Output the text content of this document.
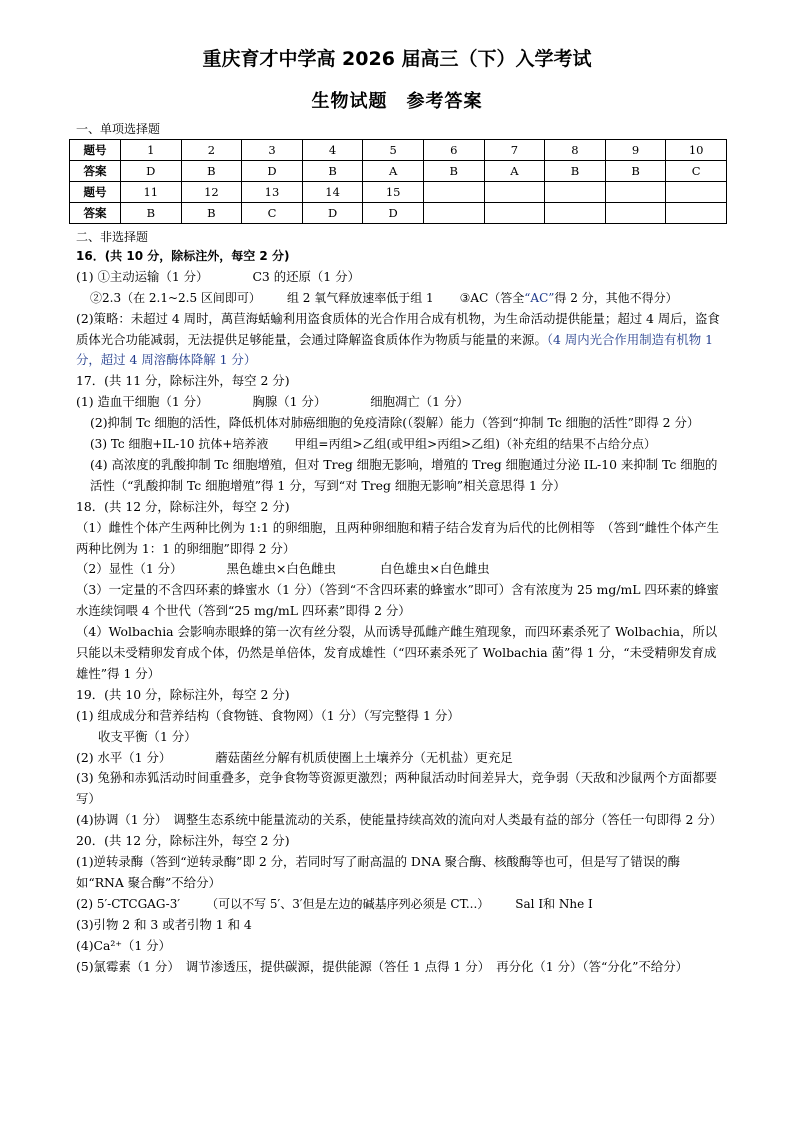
重庆育才中学高 2026 届高三（下）入学考试
生物试题　参考答案
一、单项选择题
题号	1	2	3	4	5	6	7	8	9	10
答案	D	B	D	B	A	B	A	B	B	C
题号	11	12	13	14	15					
答案	B	B	C	D	D					
二、非选择题
16．(共 10 分，除标注外，每空 2 分)
(1) ①主动运输（1 分）	C3 的还原（1 分）
②2.3（在 2.1~2.5 区间即可） 组 2 氧气释放速率低于组 1 ③AC（答全“AC”得 2 分，其他不得分）
(2)策略：未超过 4 周时，萬苣海蛞蝓利用盗食质体的光合作用合成有机物，为生命活动提供能量；超过 4 周后，盗食质体光合功能减弱，无法提供足够能量，会通过降解盗食质体作为物质与能量的来源。（4 周内光合作用制造有机物 1 分，超过 4 周溶酶体降解 1 分）
17．(共 11 分，除标注外，每空 2 分)
(1) 造血干细胞（1 分）	胸腺（1 分）	细胞凋亡（1 分）
(2)抑制 Tc 细胞的活性，降低机体对肺癌细胞的免疫清除(（裂解）能力（答到“抑制 Tc 细胞的活性”即得 2 分）
(3) Tc 细胞+IL-10 抗体+培养液 甲组=丙组>乙组(或甲组>丙组>乙组)（补充组的结果不占给分点）
(4) 高浓度的乳酸抑制 Tc 细胞增殖，但对 Treg 细胞无影响，增殖的 Treg 细胞通过分泌 IL-10 来抑制 Tc 细胞的活性（“乳酸抑制 Tc 细胞增殖”得 1 分，写到“对 Treg 细胞无影响”相关意思得 1 分）
18．(共 12 分，除标注外，每空 2 分)
（1）雌性个体产生两种比例为 1:1 的卵细胞，且两种卵细胞和精子结合发育为后代的比例相等　（答到“雌性个体产生两种比例为 1：1 的卵细胞”即得 2 分）
（2）显性（1 分）	黑色雄虫×白色雌虫	白色雄虫×白色雌虫
（3）一定量的不含四环素的蜂蜜水（1 分）（答到“不含四环素的蜂蜜水”即可）含有浓度为 25 mg/mL 四环素的蜂蜜水连续饲喂 4 个世代（答到“25 mg/mL 四环素”即得 2 分）
（4）Wolbachia 会影响赤眼蜂的第一次有丝分裂，从而诱导孤雌产雌生殖现象，而四环素杀死了 Wolbachia，所以只能以未受精卵发育成个体，仍然是单倍体，发育成雄性（“四环素杀死了 Wolbachia 菌”得 1 分，“未受精卵发育成雄性”得 1 分）
19．(共 10 分，除标注外，每空 2 分)
(1) 组成成分和营养结构（食物链、食物网）（1 分）（写完整得 1 分）
收支平衡（1 分）
(2) 水平（1 分）	蘑菇菌丝分解有机质使圈上土壤养分（无机盐）更充足
(3) 兔狲和赤狐活动时间重叠多，竞争食物等资源更激烈；两种鼠活动时间差异大，竞争弱（天敌和沙鼠两个方面都要写）
(4)协调（1 分）　调整生态系统中能量流动的关系，使能量持续高效的流向对人类最有益的部分（答任一句即得 2 分）
20．(共 12 分，除标注外，每空 2 分)
(1)逆转录酶（答到“逆转录酶”即 2 分，若同时写了耐高温的 DNA 聚合酶、核酸酶等也可，但是写了错误的酶如“RNA 聚合酶”不给分）
(2) 5′-CTCGAG-3′ （可以不写 5′、3′但是左边的碱基序列必须是 CT...） Sal Ⅰ和 Nhe Ⅰ
(3)引物 2 和 3 或者引物 1 和 4
(4)Ca²⁺（1 分）
(5)氯霉素（1 分）　调节渗透压，提供碳源，提供能源（答任 1 点得 1 分）　再分化（1 分）（答“分化”不给分）
